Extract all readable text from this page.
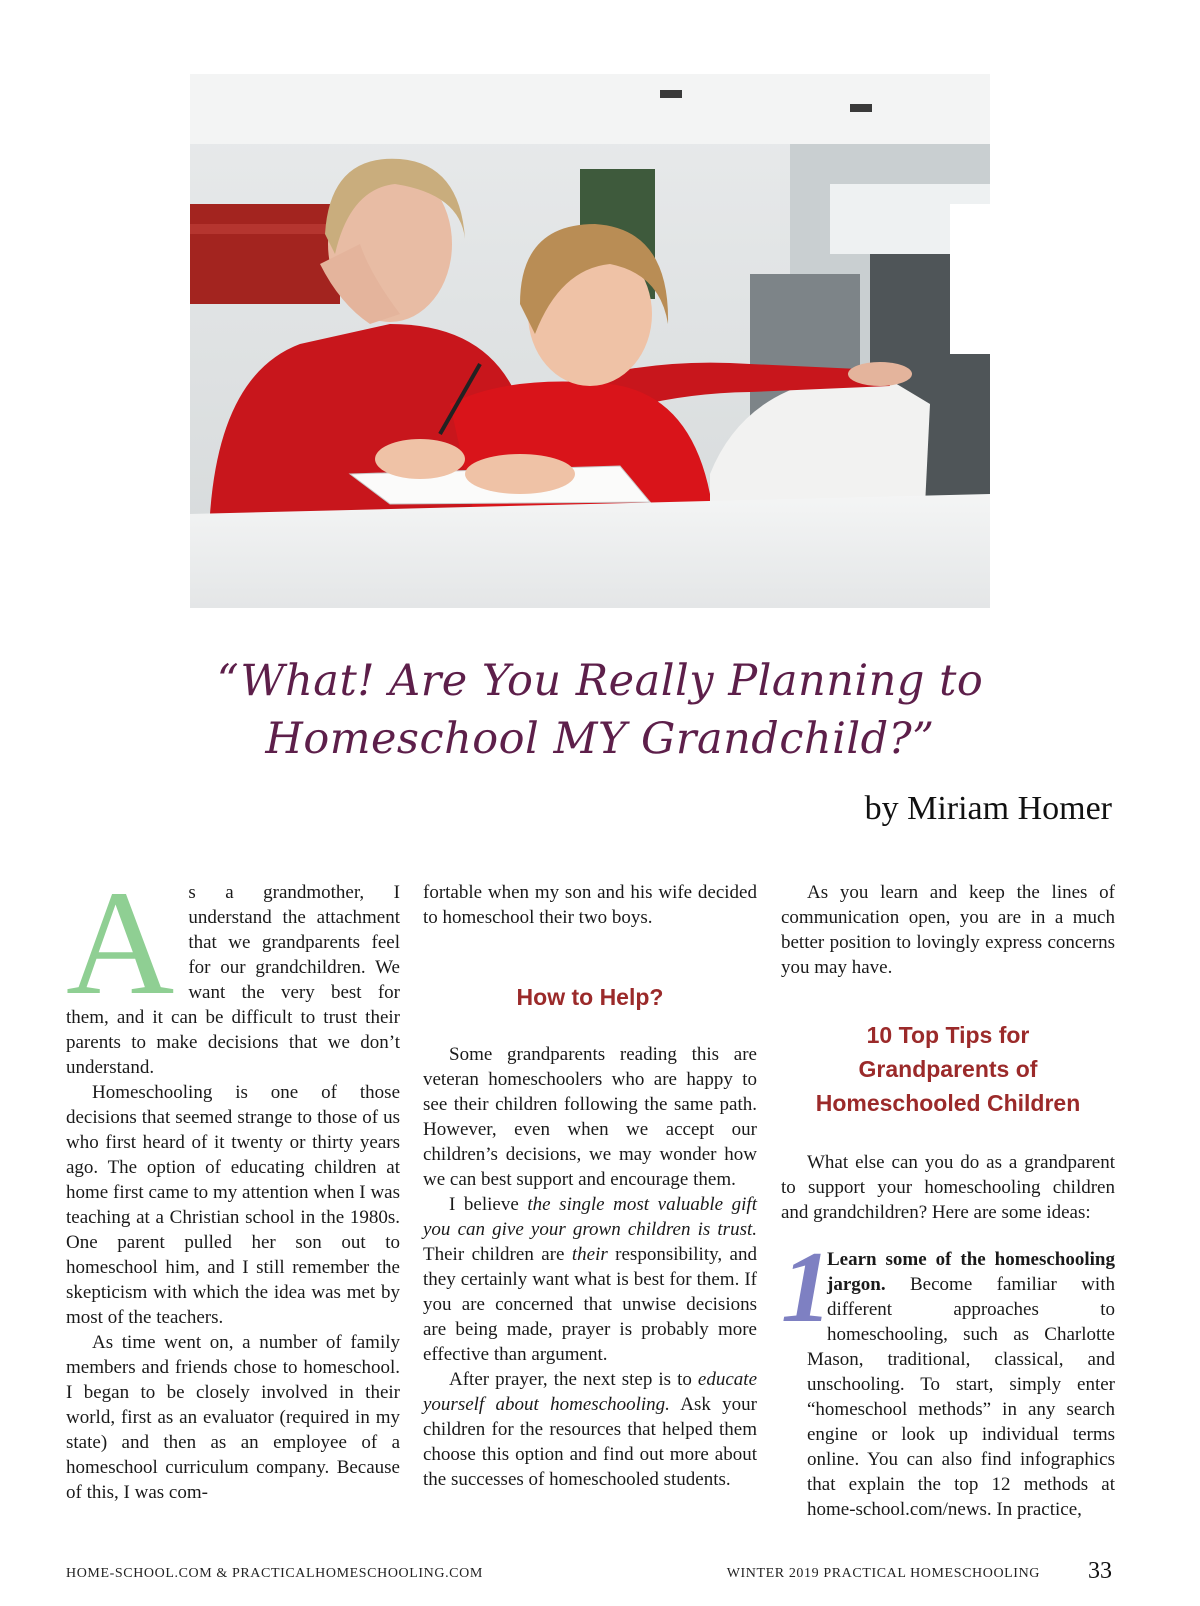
“What! Are You Really Planning to
Homeschool MY Grandchild?”
by Miriam Homer
A s a grandmother, I understand the attachment that we grandparents feel for our grandchildren. We want the very best for them, and it can be difficult to trust their parents to make decisions that we don’t understand.

Homeschooling is one of those decisions that seemed strange to those of us who first heard of it twenty or thirty years ago. The option of educating children at home first came to my attention when I was teaching at a Christian school in the 1980s. One parent pulled her son out to homeschool him, and I still remember the skepticism with which the idea was met by most of the teachers.

As time went on, a number of family members and friends chose to homeschool. I began to be closely involved in their world, first as an evaluator (required in my state) and then as an employee of a homeschool curriculum company. Because of this, I was com-

fortable when my son and his wife decided to homeschool their two boys.

How to Help?

Some grandparents reading this are veteran homeschoolers who are happy to see their children following the same path. However, even when we accept our children’s decisions, we may wonder how we can best support and encourage them.

I believe the single most valuable gift you can give your grown children is trust. Their children are their responsibility, and they certainly want what is best for them. If you are concerned that unwise decisions are being made, prayer is probably more effective than argument.

After prayer, the next step is to educate yourself about homeschooling. Ask your children for the resources that helped them choose this option and find out more about the successes of homeschooled students.

As you learn and keep the lines of communication open, you are in a much better position to lovingly express concerns you may have.

10 Top Tips for
Grandparents of
Homeschooled Children

What else can you do as a grandparent to support your homeschooling children and grandchildren? Here are some ideas:

1

Learn some of the homeschooling jargon. Become familiar with different approaches to homeschooling, such as Charlotte Mason, traditional, classical, and unschooling. To start, simply enter “homeschool methods” in any search engine or look up individual terms online. You can also find infographics that explain the top 12 methods at home-school.com/news. In practice,

HOME-SCHOOL.COM & PRACTICALHOMESCHOOLING.COM	WINTER 2019 PRACTICAL HOMESCHOOLING 33
